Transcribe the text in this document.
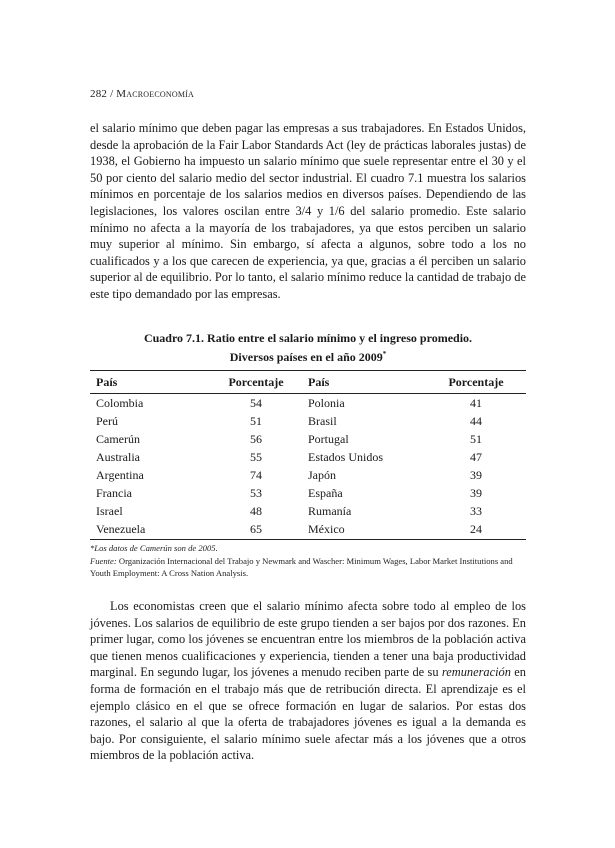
282 / Macroeconomía

el salario mínimo que deben pagar las empresas a sus trabajadores. En Estados Unidos, desde la aprobación de la Fair Labor Standards Act (ley de prácticas laborales justas) de 1938, el Gobierno ha impuesto un salario mínimo que suele representar entre el 30 y el 50 por ciento del salario medio del sector industrial. El cuadro 7.1 muestra los salarios mínimos en porcentaje de los salarios medios en diversos países. Dependiendo de las legislaciones, los valores oscilan entre 3/4 y 1/6 del salario promedio. Este salario mínimo no afecta a la mayoría de los trabajadores, ya que estos perciben un salario muy superior al mínimo. Sin embargo, sí afecta a algunos, sobre todo a los no cualificados y a los que carecen de experiencia, ya que, gracias a él perciben un salario superior al de equilibrio. Por lo tanto, el salario mínimo reduce la cantidad de trabajo de este tipo demandado por las empresas.

Cuadro 7.1. Ratio entre el salario mínimo y el ingreso promedio.
Diversos países en el año 2009*
País	Porcentaje	País	Porcentaje
Colombia	54	Polonia	41
Perú	51	Brasil	44
Camerún	56	Portugal	51
Australia	55	Estados Unidos	47
Argentina	74	Japón	39
Francia	53	España	39
Israel	48	Rumanía	33
Venezuela	65	México	24

*Los datos de Camerún son de 2005.

Fuente: Organización Internacional del Trabajo y Newmark and Wascher: Minimum Wages, Labor Market Institutions and Youth Employment: A Cross Nation Analysis.

Los economistas creen que el salario mínimo afecta sobre todo al empleo de los jóvenes. Los salarios de equilibrio de este grupo tienden a ser bajos por dos razones. En primer lugar, como los jóvenes se encuentran entre los miembros de la población activa que tienen menos cualificaciones y experiencia, tienden a tener una baja productividad marginal. En segundo lugar, los jóvenes a menudo reciben parte de su remuneración en forma de formación en el trabajo más que de retribución directa. El aprendizaje es el ejemplo clásico en el que se ofrece formación en lugar de salarios. Por estas dos razones, el salario al que la oferta de trabajadores jóvenes es igual a la demanda es bajo. Por consiguiente, el salario mínimo suele afectar más a los jóvenes que a otros miembros de la población activa.
